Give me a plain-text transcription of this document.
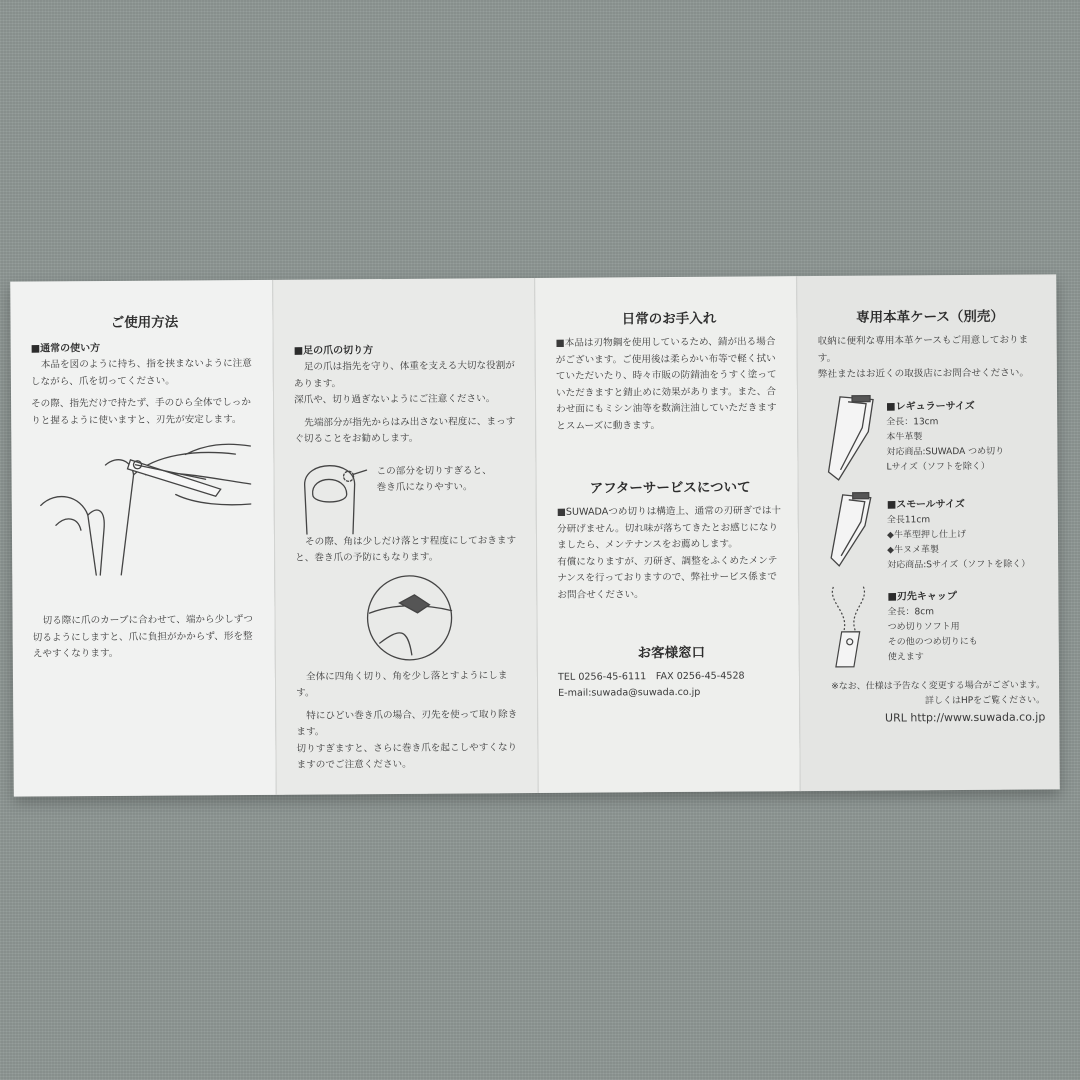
ご使用方法
■通常の使い方

本品を図のように持ち、指を挟まないように注意しながら、爪を切ってください。

その際、指先だけで持たず、手のひら全体でしっかりと握るように使いますと、刃先が安定します。

切る際に爪のカーブに合わせて、端から少しずつ切るようにしますと、爪に負担がかからず、形を整えやすくなります。

■足の爪の切り方

足の爪は指先を守り、体重を支える大切な役割があります。
深爪や、切り過ぎないようにご注意ください。

先端部分が指先からはみ出さない程度に、まっすぐ切ることをお勧めします。

この部分を切りすぎると、
巻き爪になりやすい。

その際、角は少しだけ落とす程度にしておきますと、巻き爪の予防にもなります。

全体に四角く切り、角を少し落とすようにします。

特にひどい巻き爪の場合、刃先を使って取り除きます。
切りすぎますと、さらに巻き爪を起こしやすくなりますのでご注意ください。

日常のお手入れ

■本品は刃物鋼を使用しているため、錆が出る場合がございます。ご使用後は柔らかい布等で軽く拭いていただいたり、時々市販の防錆油をうすく塗っていただきますと錆止めに効果があります。また、合わせ面にもミシン油等を数滴注油していただきますとスムーズに動きます。

アフターサービスについて

■SUWADAつめ切りは構造上、通常の刃研ぎでは十分研げません。切れ味が落ちてきたとお感じになりましたら、メンテナンスをお薦めします。
有償になりますが、刃研ぎ、調整をふくめたメンテナンスを行っておりますので、弊社サービス係までお問合せください。

お客様窓口
TEL 0256-45-6111　FAX 0256-45-4528
E-mail:suwada@suwada.co.jp
専用本革ケース（別売）

収納に便利な専用本革ケースもご用意しております。
弊社またはお近くの取扱店にお問合せください。

■レギュラーサイズ
全長：13cm
本牛革製
対応商品:SUWADA つめ切り
Lサイズ（ソフトを除く）
■スモールサイズ
全長11cm
◆牛革型押し仕上げ
◆牛ヌメ革製
対応商品:Sサイズ（ソフトを除く）
■刃先キャップ
全長：8cm
つめ切りソフト用
その他のつめ切りにも
使えます
※なお、仕様は予告なく変更する場合がございます。
詳しくはHPをご覧ください。
URL http://www.suwada.co.jp
